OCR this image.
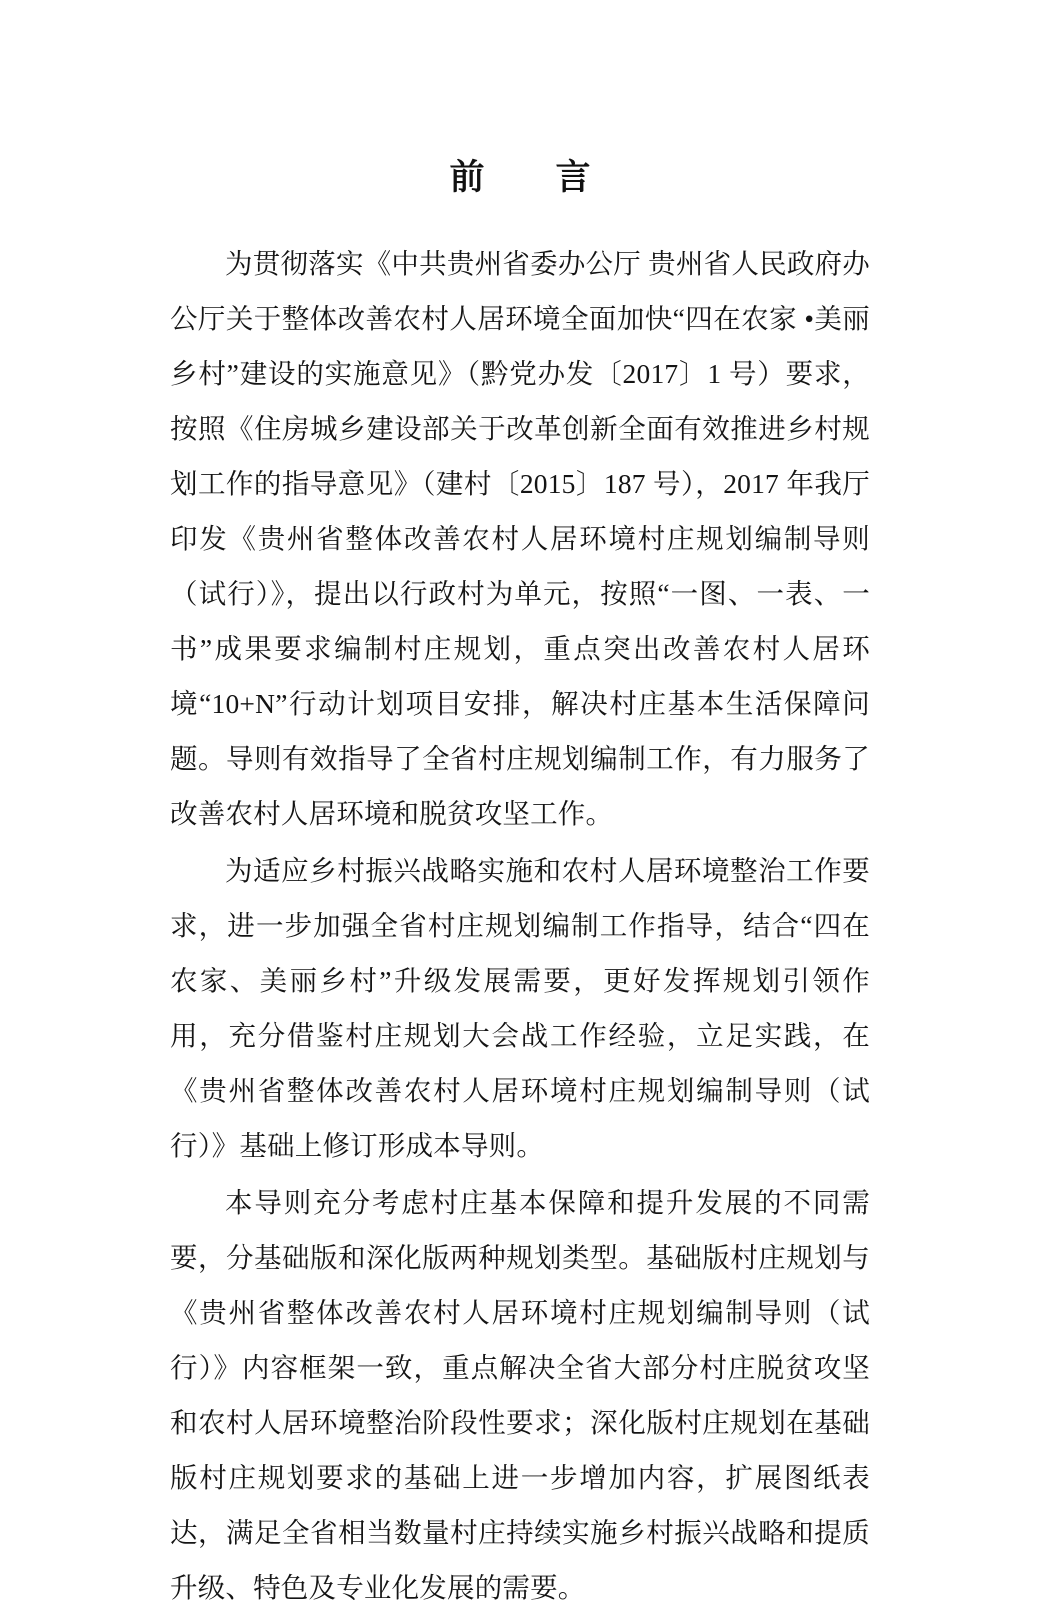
前　言

为贯彻落实《中共贵州省委办公厅 贵州省人民政府办公厅关于整体改善农村人居环境全面加快“四在农家 •美丽乡村”建设的实施意见》（黔党办发〔2017〕1 号）要求，按照《住房城乡建设部关于改革创新全面有效推进乡村规划工作的指导意见》（建村〔2015〕187 号），2017 年我厅印发《贵州省整体改善农村人居环境村庄规划编制导则（试行）》，提出以行政村为单元，按照“一图、一表、一书”成果要求编制村庄规划，重点突出改善农村人居环境“10+N”行动计划项目安排，解决村庄基本生活保障问题。导则有效指导了全省村庄规划编制工作，有力服务了改善农村人居环境和脱贫攻坚工作。

为适应乡村振兴战略实施和农村人居环境整治工作要求，进一步加强全省村庄规划编制工作指导，结合“四在农家、美丽乡村”升级发展需要，更好发挥规划引领作用，充分借鉴村庄规划大会战工作经验，立足实践，在《贵州省整体改善农村人居环境村庄规划编制导则（试行）》基础上修订形成本导则。

本导则充分考虑村庄基本保障和提升发展的不同需要，分基础版和深化版两种规划类型。基础版村庄规划与《贵州省整体改善农村人居环境村庄规划编制导则（试行）》内容框架一致，重点解决全省大部分村庄脱贫攻坚和农村人居环境整治阶段性要求；深化版村庄规划在基础版村庄规划要求的基础上进一步增加内容，扩展图纸表达，满足全省相当数量村庄持续实施乡村振兴战略和提质升级、特色及专业化发展的需要。
